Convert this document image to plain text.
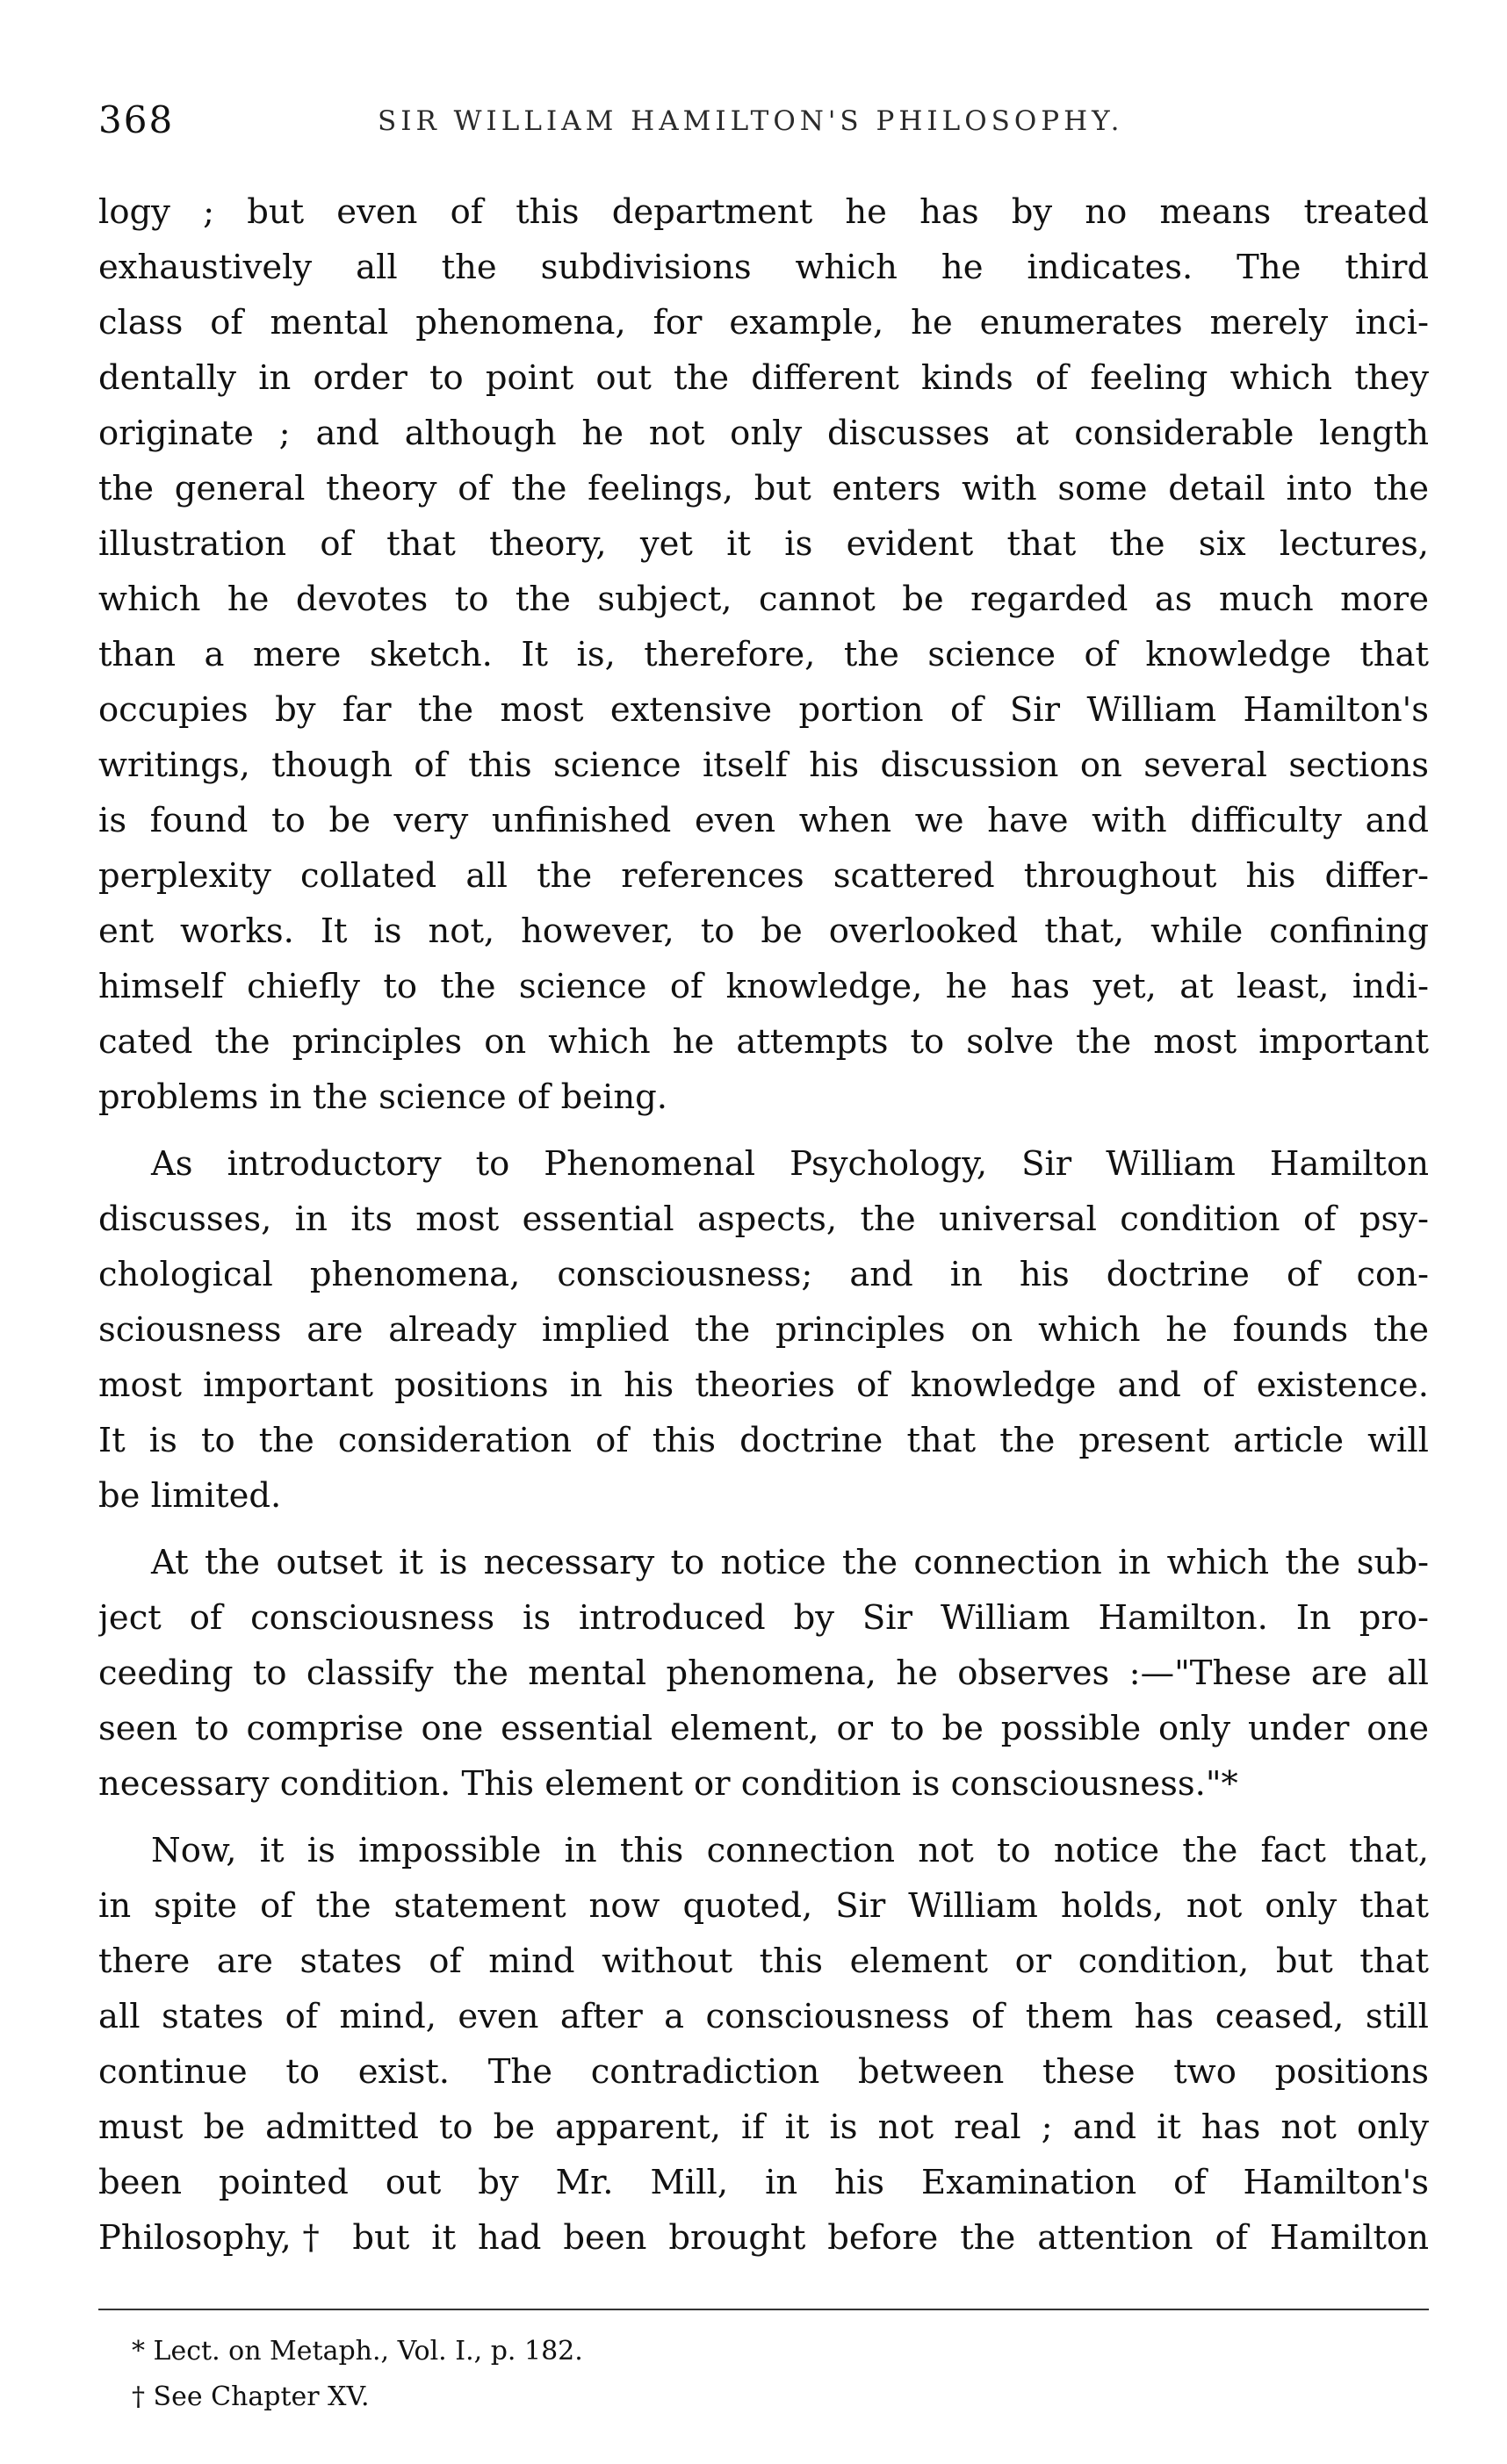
368	SIR WILLIAM HAMILTON'S PHILOSOPHY.

logy ; but even of this department he has by no means treated
exhaustively all the subdivisions which he indicates. The third
class of mental phenomena, for example, he enumerates merely inci-
dentally in order to point out the different kinds of feeling which they
originate ; and although he not only discusses at considerable length
the general theory of the feelings, but enters with some detail into the
illustration of that theory, yet it is evident that the six lectures,
which he devotes to the subject, cannot be regarded as much more
than a mere sketch. It is, therefore, the science of knowledge that
occupies by far the most extensive portion of Sir William Hamilton's
writings, though of this science itself his discussion on several sections
is found to be very unfinished even when we have with difficulty and
perplexity collated all the references scattered throughout his differ-
ent works. It is not, however, to be overlooked that, while confining
himself chiefly to the science of knowledge, he has yet, at least, indi-
cated the principles on which he attempts to solve the most important
problems in the science of being.

As introductory to Phenomenal Psychology, Sir William Hamilton
discusses, in its most essential aspects, the universal condition of psy-
chological phenomena, consciousness; and in his doctrine of con-
sciousness are already implied the principles on which he founds the
most important positions in his theories of knowledge and of existence.
It is to the consideration of this doctrine that the present article will
be limited.

At the outset it is necessary to notice the connection in which the sub-
ject of consciousness is introduced by Sir William Hamilton. In pro-
ceeding to classify the mental phenomena, he observes :—"These are all
seen to comprise one essential element, or to be possible only under one
necessary condition. This element or condition is consciousness."*

Now, it is impossible in this connection not to notice the fact that,
in spite of the statement now quoted, Sir William holds, not only that
there are states of mind without this element or condition, but that
all states of mind, even after a consciousness of them has ceased, still
continue to exist. The contradiction between these two positions
must be admitted to be apparent, if it is not real ; and it has not only
been pointed out by Mr. Mill, in his Examination of Hamilton's
Philosophy,† but it had been brought before the attention of Hamilton

* Lect. on Metaph., Vol. I., p. 182.
† See Chapter XV.
